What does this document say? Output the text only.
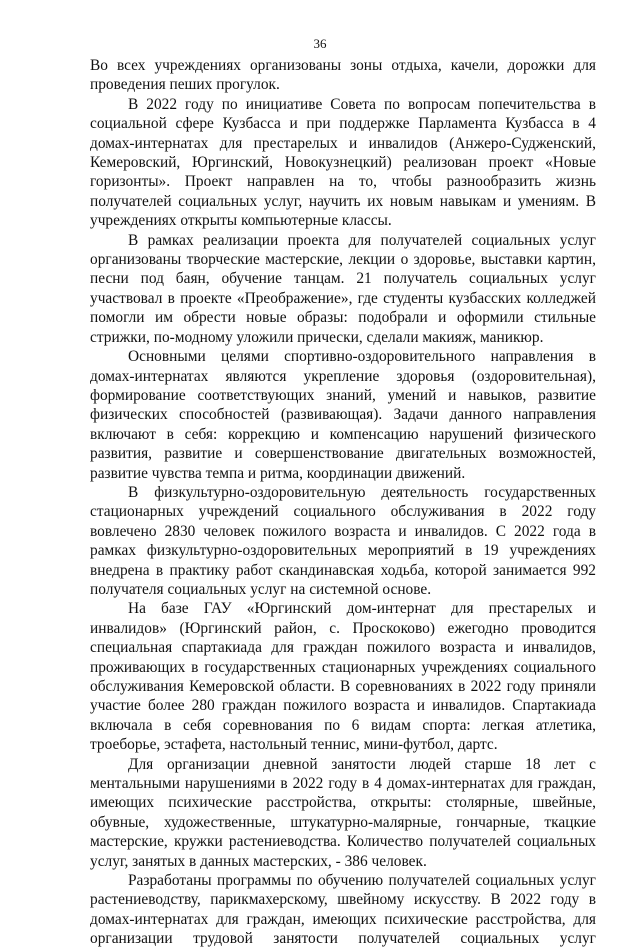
36

Во всех учреждениях организованы зоны отдыха, качели, дорожки для проведения пеших прогулок.

В 2022 году по инициативе Совета по вопросам попечительства в социальной сфере Кузбасса и при поддержке Парламента Кузбасса в 4 домах-интернатах для престарелых и инвалидов (Анжеро-Судженский, Кемеровский, Юргинский, Новокузнецкий) реализован проект «Новые горизонты». Проект направлен на то, чтобы разнообразить жизнь получателей социальных услуг, научить их новым навыкам и умениям. В учреждениях открыты компьютерные классы.

В рамках реализации проекта для получателей социальных услуг организованы творческие мастерские, лекции о здоровье, выставки картин, песни под баян, обучение танцам. 21 получатель социальных услуг участвовал в проекте «Преображение», где студенты кузбасских колледжей помогли им обрести новые образы: подобрали и оформили стильные стрижки, по-модному уложили прически, сделали макияж, маникюр.

Основными целями спортивно-оздоровительного направления в домах-интернатах являются укрепление здоровья (оздоровительная), формирование соответствующих знаний, умений и навыков, развитие физических способностей (развивающая). Задачи данного направления включают в себя: коррекцию и компенсацию нарушений физического развития, развитие и совершенствование двигательных возможностей, развитие чувства темпа и ритма, координации движений.

В физкультурно-оздоровительную деятельность государственных стационарных учреждений социального обслуживания в 2022 году вовлечено 2830 человек пожилого возраста и инвалидов. С 2022 года в рамках физкультурно-оздоровительных мероприятий в 19 учреждениях внедрена в практику работ скандинавская ходьба, которой занимается 992 получателя социальных услуг на системной основе.

На базе ГАУ «Юргинский дом-интернат для престарелых и инвалидов» (Юргинский район, с. Проскоково) ежегодно проводится специальная спартакиада для граждан пожилого возраста и инвалидов, проживающих в государственных стационарных учреждениях социального обслуживания Кемеровской области. В соревнованиях в 2022 году приняли участие более 280 граждан пожилого возраста и инвалидов. Спартакиада включала в себя соревнования по 6 видам спорта: легкая атлетика, троеборье, эстафета, настольный теннис, мини-футбол, дартс.

Для организации дневной занятости людей старше 18 лет с ментальными нарушениями в 2022 году в 4 домах-интернатах для граждан, имеющих психические расстройства, открыты: столярные, швейные, обувные, художественные, штукатурно-малярные, гончарные, ткацкие мастерские, кружки растениеводства. Количество получателей социальных услуг, занятых в данных мастерских, - 386 человек.

Разработаны программы по обучению получателей социальных услуг растениеводству, парикмахерскому, швейному искусству. В 2022 году в домах-интернатах для граждан, имеющих психические расстройства, для организации трудовой занятости получателей социальных услуг
